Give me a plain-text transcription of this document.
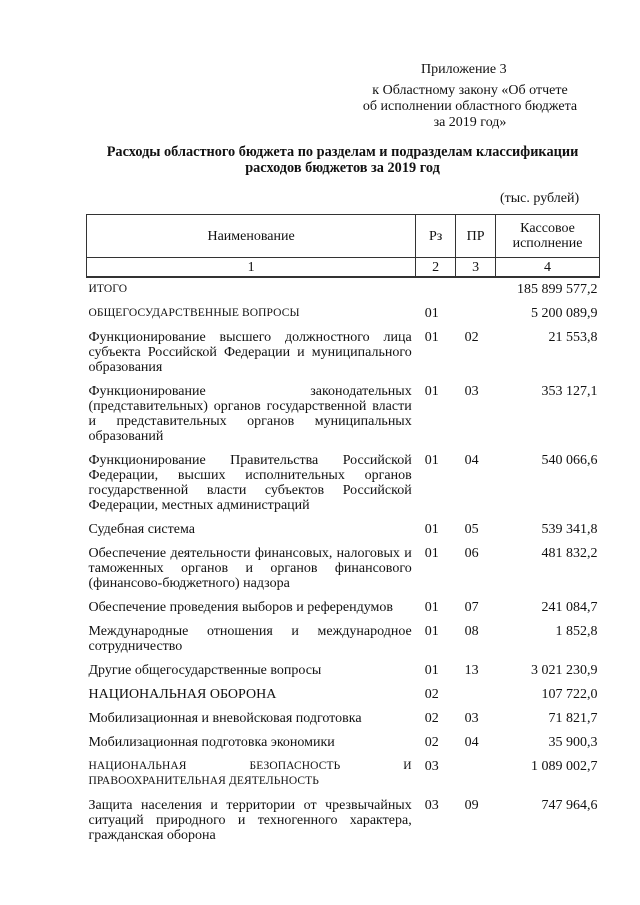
Приложение 3
к Областному закону «Об отчете
об исполнении областного бюджета
за 2019 год»
Расходы областного бюджета по разделам и подразделам классификации расходов бюджетов за 2019 год
(тыс. рублей)
Наименование	Рз	ПР	Кассовое исполнение
1	2	3	4
ИТОГО			185 899 577,2
ОБЩЕГОСУДАРСТВЕННЫЕ ВОПРОСЫ	01		5 200 089,9
Функционирование высшего должностного лица субъекта Российской Федерации и муниципального образования	01	02	21 553,8
Функционирование законодательных (представительных) органов государственной власти и представительных органов муниципальных образований	01	03	353 127,1
Функционирование Правительства Российской Федерации, высших исполнительных органов государственной власти субъектов Российской Федерации, местных администраций	01	04	540 066,6
Судебная система	01	05	539 341,8
Обеспечение деятельности финансовых, налоговых и таможенных органов и органов финансового (финансово-бюджетного) надзора	01	06	481 832,2
Обеспечение проведения выборов и референдумов	01	07	241 084,7
Международные отношения и международное сотрудничество	01	08	1 852,8
Другие общегосударственные вопросы	01	13	3 021 230,9
НАЦИОНАЛЬНАЯ ОБОРОНА	02		107 722,0
Мобилизационная и вневойсковая подготовка	02	03	71 821,7
Мобилизационная подготовка экономики	02	04	35 900,3
НАЦИОНАЛЬНАЯ БЕЗОПАСНОСТЬ И ПРАВООХРАНИТЕЛЬНАЯ ДЕЯТЕЛЬНОСТЬ	03		1 089 002,7
Защита населения и территории от чрезвычайных ситуаций природного и техногенного характера, гражданская оборона	03	09	747 964,6
